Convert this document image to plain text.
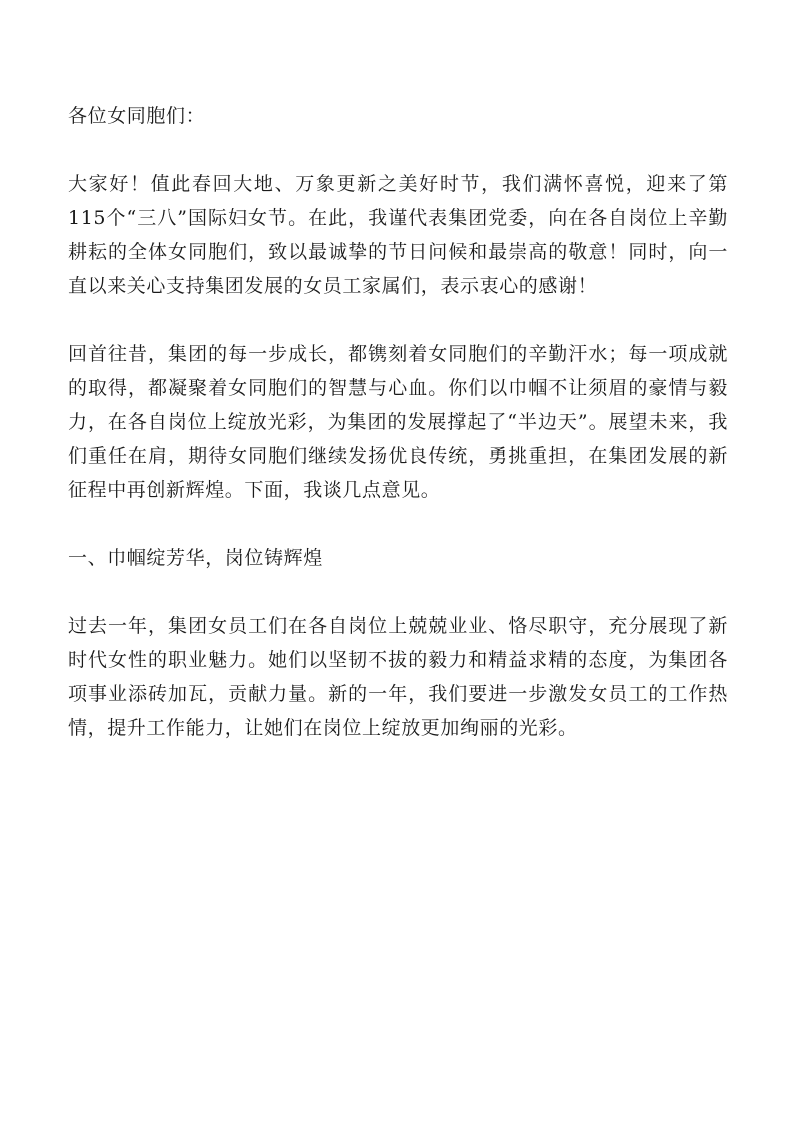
各位女同胞们：

大家好！值此春回大地、万象更新之美好时节，我们满怀喜悦，迎来了第115个“三八”国际妇女节。在此，我谨代表集团党委，向在各自岗位上辛勤耕耘的全体女同胞们，致以最诚挚的节日问候和最崇高的敬意！同时，向一直以来关心支持集团发展的女员工家属们，表示衷心的感谢！

回首往昔，集团的每一步成长，都镌刻着女同胞们的辛勤汗水；每一项成就的取得，都凝聚着女同胞们的智慧与心血。你们以巾帼不让须眉的豪情与毅力，在各自岗位上绽放光彩，为集团的发展撑起了“半边天”。展望未来，我们重任在肩，期待女同胞们继续发扬优良传统，勇挑重担，在集团发展的新征程中再创新辉煌。下面，我谈几点意见。

一、巾帼绽芳华，岗位铸辉煌

过去一年，集团女员工们在各自岗位上兢兢业业、恪尽职守，充分展现了新时代女性的职业魅力。她们以坚韧不拔的毅力和精益求精的态度，为集团各项事业添砖加瓦，贡献力量。新的一年，我们要进一步激发女员工的工作热情，提升工作能力，让她们在岗位上绽放更加绚丽的光彩。
